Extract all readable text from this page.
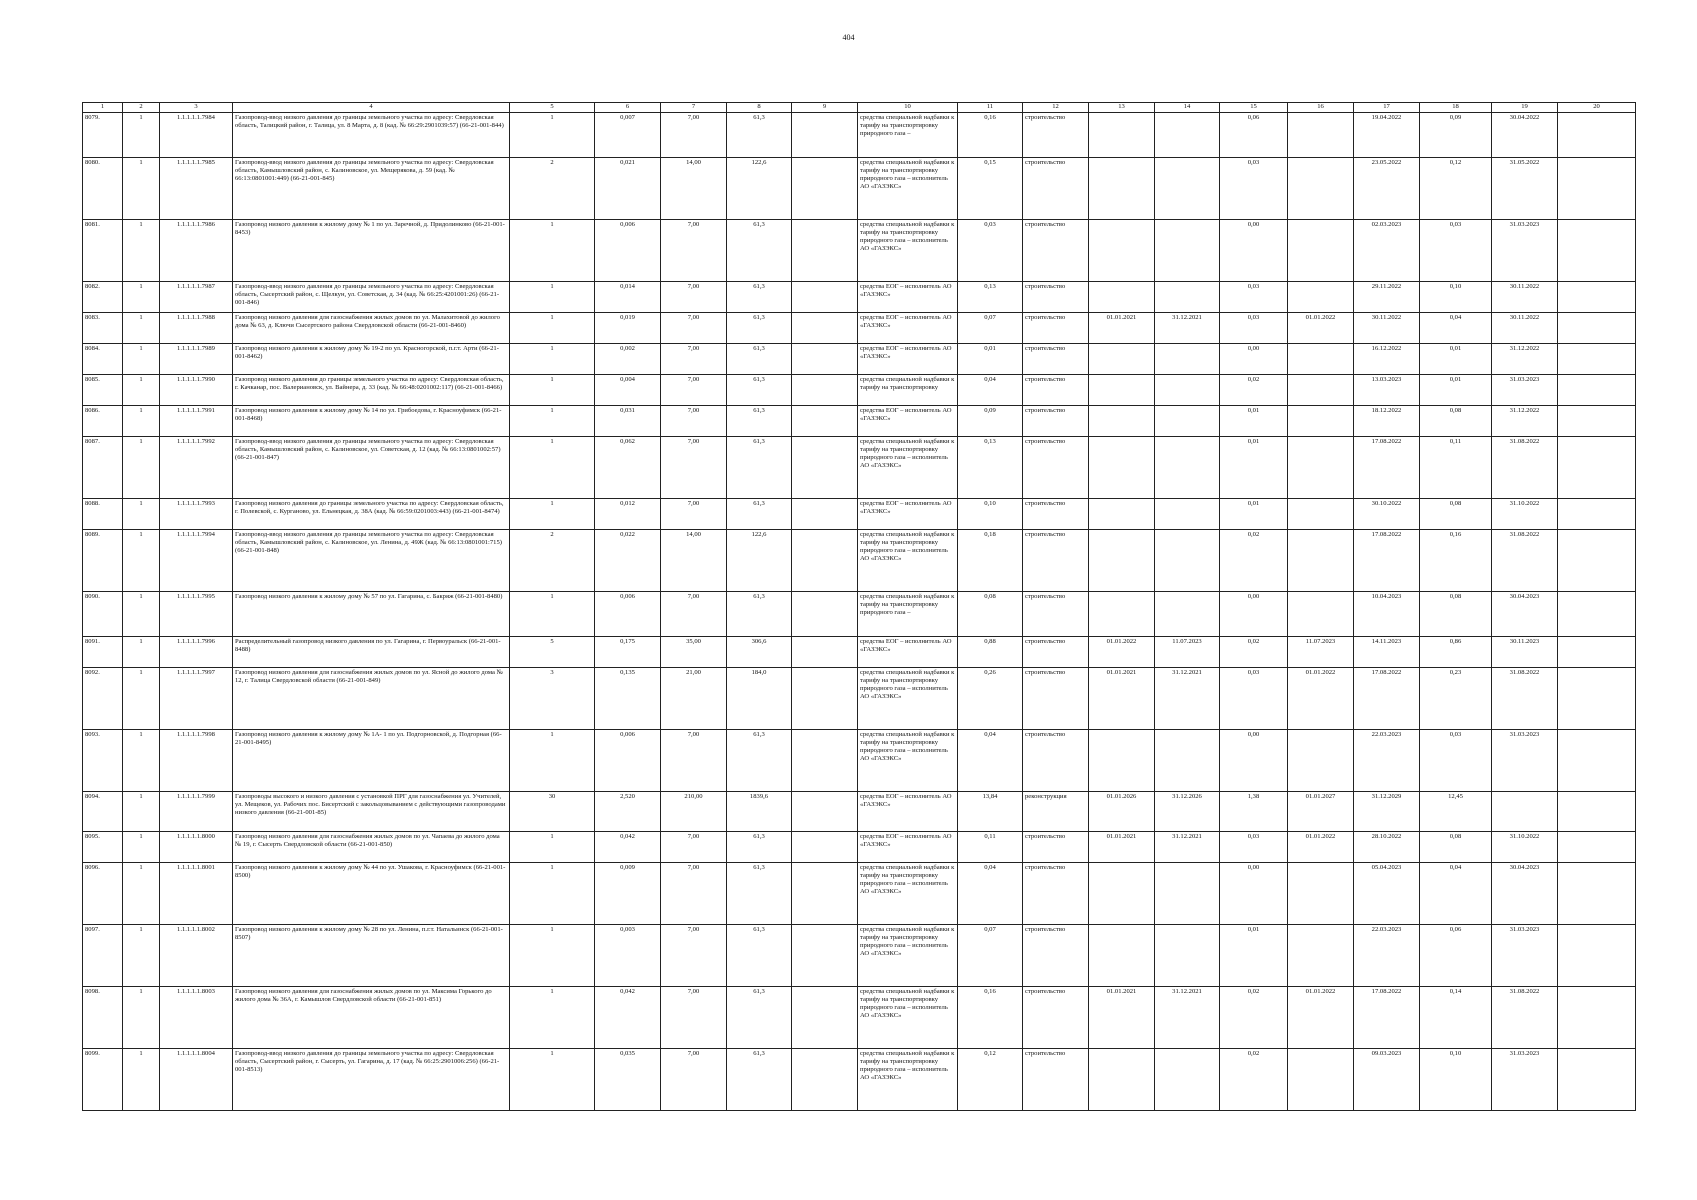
404
1	2	3	4	5	6	7	8	9	10	11	12	13	14	15	16	17	18	19	20
8079.	1	1.1.1.1.1.7984	Газопровод-ввод низкого давления до границы земельного участка по адресу: Свердловская область, Талицкий район, г. Талица, ул. 8 Марта, д. 8 (кад. № 66:29:2901039:57) (66-21-001-844)	1	0,007	7,00	61,3		средства специальной надбавки к тарифу на транспортировку природного газа –	0,16	строительство			0,06		19.04.2022	0,09	30.04.2022	
8080.	1	1.1.1.1.1.7985	Газопровод-ввод низкого давления до границы земельного участка по адресу: Свердловская область, Камышловский район, с. Калиновское, ул. Мещерякова, д. 59 (кад. № 66:13:0801001:449) (66-21-001-845)	2	0,021	14,00	122,6		средства специальной надбавки к тарифу на транспортировку природного газа – исполнитель АО «ГАЗЭКС»	0,15	строительство			0,03		23.05.2022	0,12	31.05.2022	
8081.	1	1.1.1.1.1.7986	Газопровод низкого давления к жилому дому № 1 по ул. Заречной, д. Придолинково (66-21-001-8453)	1	0,006	7,00	61,3		средства специальной надбавки к тарифу на транспортировку природного газа – исполнитель АО «ГАЗЭКС»	0,03	строительство			0,00		02.03.2023	0,03	31.03.2023	
8082.	1	1.1.1.1.1.7987	Газопровод-ввод низкого давления до границы земельного участка по адресу: Свердловская область, Сысертский район, с. Щелкун, ул. Советская, д. 34 (кад. № 66:25:4201001:26) (66-21-001-846)	1	0,014	7,00	61,3		средства ЕОГ – исполнитель АО «ГАЗЭКС»	0,13	строительство			0,03		29.11.2022	0,10	30.11.2022	
8083.	1	1.1.1.1.1.7988	Газопровод низкого давления для газоснабжения жилых домов по ул. Малахитовой до жилого дома № 63, д. Ключи Сысертского района Свердловской области (66-21-001-8460)	1	0,019	7,00	61,3		средства ЕОГ – исполнитель АО «ГАЗЭКС»	0,07	строительство	01.01.2021	31.12.2021	0,03	01.01.2022	30.11.2022	0,04	30.11.2022	
8084.	1	1.1.1.1.1.7989	Газопровод низкого давления к жилому дому № 19-2 по ул. Красногорской, п.г.т. Арти (66-21-001-8462)	1	0,002	7,00	61,3		средства ЕОГ – исполнитель АО «ГАЗЭКС»	0,01	строительство			0,00		16.12.2022	0,01	31.12.2022	
8085.	1	1.1.1.1.1.7990	Газопровод низкого давления до границы земельного участка по адресу: Свердловская область, г. Качканар, пос. Валериановск, ул. Вайнера, д. 33 (кад. № 66:48:0201002:117) (66-21-001-8466)	1	0,004	7,00	61,3		средства специальной надбавки к тарифу на транспортировку	0,04	строительство			0,02		13.03.2023	0,01	31.03.2023	
8086.	1	1.1.1.1.1.7991	Газопровод низкого давления к жилому дому № 14 по ул. Грибоедова, г. Красноуфимск (66-21-001-8468)	1	0,031	7,00	61,3		средства ЕОГ – исполнитель АО «ГАЗЭКС»	0,09	строительство			0,01		18.12.2022	0,08	31.12.2022	
8087.	1	1.1.1.1.1.7992	Газопровод-ввод низкого давления до границы земельного участка по адресу: Свердловская область, Камышловский район, с. Калиновское, ул. Советская, д. 12 (кад. № 66:13:0801002:57) (66-21-001-847)	1	0,062	7,00	61,3		средства специальной надбавки к тарифу на транспортировку природного газа – исполнитель АО «ГАЗЭКС»	0,13	строительство			0,01		17.08.2022	0,11	31.08.2022	
8088.	1	1.1.1.1.1.7993	Газопровод низкого давления до границы земельного участка по адресу: Свердловская область, г. Полевской, с. Курганово, ул. Ельнецкая, д. 38А (кад. № 66:59:0201003:443) (66-21-001-8474)	1	0,012	7,00	61,3		средства ЕОГ – исполнитель АО «ГАЗЭКС»	0,10	строительство			0,01		30.10.2022	0,08	31.10.2022	
8089.	1	1.1.1.1.1.7994	Газопровод-ввод низкого давления до границы земельного участка по адресу: Свердловская область, Камышловский район, с. Калиновское, ул. Ленина, д. 49Ж (кад. № 66:13:0801001:715) (66-21-001-848)	2	0,022	14,00	122,6		средства специальной надбавки к тарифу на транспортировку природного газа – исполнитель АО «ГАЗЭКС»	0,18	строительство			0,02		17.08.2022	0,16	31.08.2022	
8090.	1	1.1.1.1.1.7995	Газопровод низкого давления к жилому дому № 57 по ул. Гагарина, с. Бакряж (66-21-001-8480)	1	0,006	7,00	61,3		средства специальной надбавки к тарифу на транспортировку природного газа –	0,08	строительство			0,00		10.04.2023	0,08	30.04.2023	
8091.	1	1.1.1.1.1.7996	Распределительный газопровод низкого давления по ул. Гагарина, г. Первоуральск (66-21-001-8488)	5	0,175	35,00	306,6		средства ЕОГ – исполнитель АО «ГАЗЭКС»	0,88	строительство	01.01.2022	11.07.2023	0,02	11.07.2023	14.11.2023	0,86	30.11.2023	
8092.	1	1.1.1.1.1.7997	Газопровод низкого давления для газоснабжения жилых домов по ул. Ясной до жилого дома № 12, г. Талица Свердловской области (66-21-001-849)	3	0,135	21,00	184,0		средства специальной надбавки к тарифу на транспортировку природного газа – исполнитель АО «ГАЗЭКС»	0,26	строительство	01.01.2021	31.12.2021	0,03	01.01.2022	17.08.2022	0,23	31.08.2022	
8093.	1	1.1.1.1.1.7998	Газопровод низкого давления к жилому дому № 1А- 1 по ул. Подгорновской, д. Подгорная (66-21-001-8495)	1	0,006	7,00	61,3		средства специальной надбавки к тарифу на транспортировку природного газа – исполнитель АО «ГАЗЭКС»	0,04	строительство			0,00		22.03.2023	0,03	31.03.2023	
8094.	1	1.1.1.1.1.7999	Газопроводы высокого и низкого давления с установкой ПРГ для газоснабжения ул. Учителей, ул. Мещеков, ул. Рабочих пос. Бисертский с закольцовыванием с действующими газопроводами низкого давления (66-21-001-85)	30	2,520	210,00	1839,6		средства ЕОГ – исполнитель АО «ГАЗЭКС»	13,84	реконструкция	01.01.2026	31.12.2026	1,38	01.01.2027	31.12.2029	12,45		
8095.	1	1.1.1.1.1.8000	Газопровод низкого давления для газоснабжения жилых домов по ул. Чапаева до жилого дома № 19, г. Сысерть Свердловской области (66-21-001-850)	1	0,042	7,00	61,3		средства ЕОГ – исполнитель АО «ГАЗЭКС»	0,11	строительство	01.01.2021	31.12.2021	0,03	01.01.2022	28.10.2022	0,08	31.10.2022	
8096.	1	1.1.1.1.1.8001	Газопровод низкого давления к жилому дому № 44 по ул. Ушакова, г. Красноуфимск (66-21-001-8500)	1	0,009	7,00	61,3		средства специальной надбавки к тарифу на транспортировку природного газа – исполнитель АО «ГАЗЭКС»	0,04	строительство			0,00		05.04.2023	0,04	30.04.2023	
8097.	1	1.1.1.1.1.8002	Газопровод низкого давления к жилому дому № 28 по ул. Ленина, п.г.т. Натальинск (66-21-001-8507)	1	0,003	7,00	61,3		средства специальной надбавки к тарифу на транспортировку природного газа – исполнитель АО «ГАЗЭКС»	0,07	строительство			0,01		22.03.2023	0,06	31.03.2023	
8098.	1	1.1.1.1.1.8003	Газопровод низкого давления для газоснабжения жилых домов по ул. Максима Горького до жилого дома № 36А, г. Камышлов Свердловской области (66-21-001-851)	1	0,042	7,00	61,3		средства специальной надбавки к тарифу на транспортировку природного газа – исполнитель АО «ГАЗЭКС»	0,16	строительство	01.01.2021	31.12.2021	0,02	01.01.2022	17.08.2022	0,14	31.08.2022	
8099.	1	1.1.1.1.1.8004	Газопровод-ввод низкого давления до границы земельного участка по адресу: Свердловская область, Сысертский район, г. Сысерть, ул. Гагарина, д. 17 (кад. № 66:25:2901006:256) (66-21-001-8513)	1	0,035	7,00	61,3		средства специальной надбавки к тарифу на транспортировку природного газа – исполнитель АО «ГАЗЭКС»	0,12	строительство			0,02		09.03.2023	0,10	31.03.2023	
